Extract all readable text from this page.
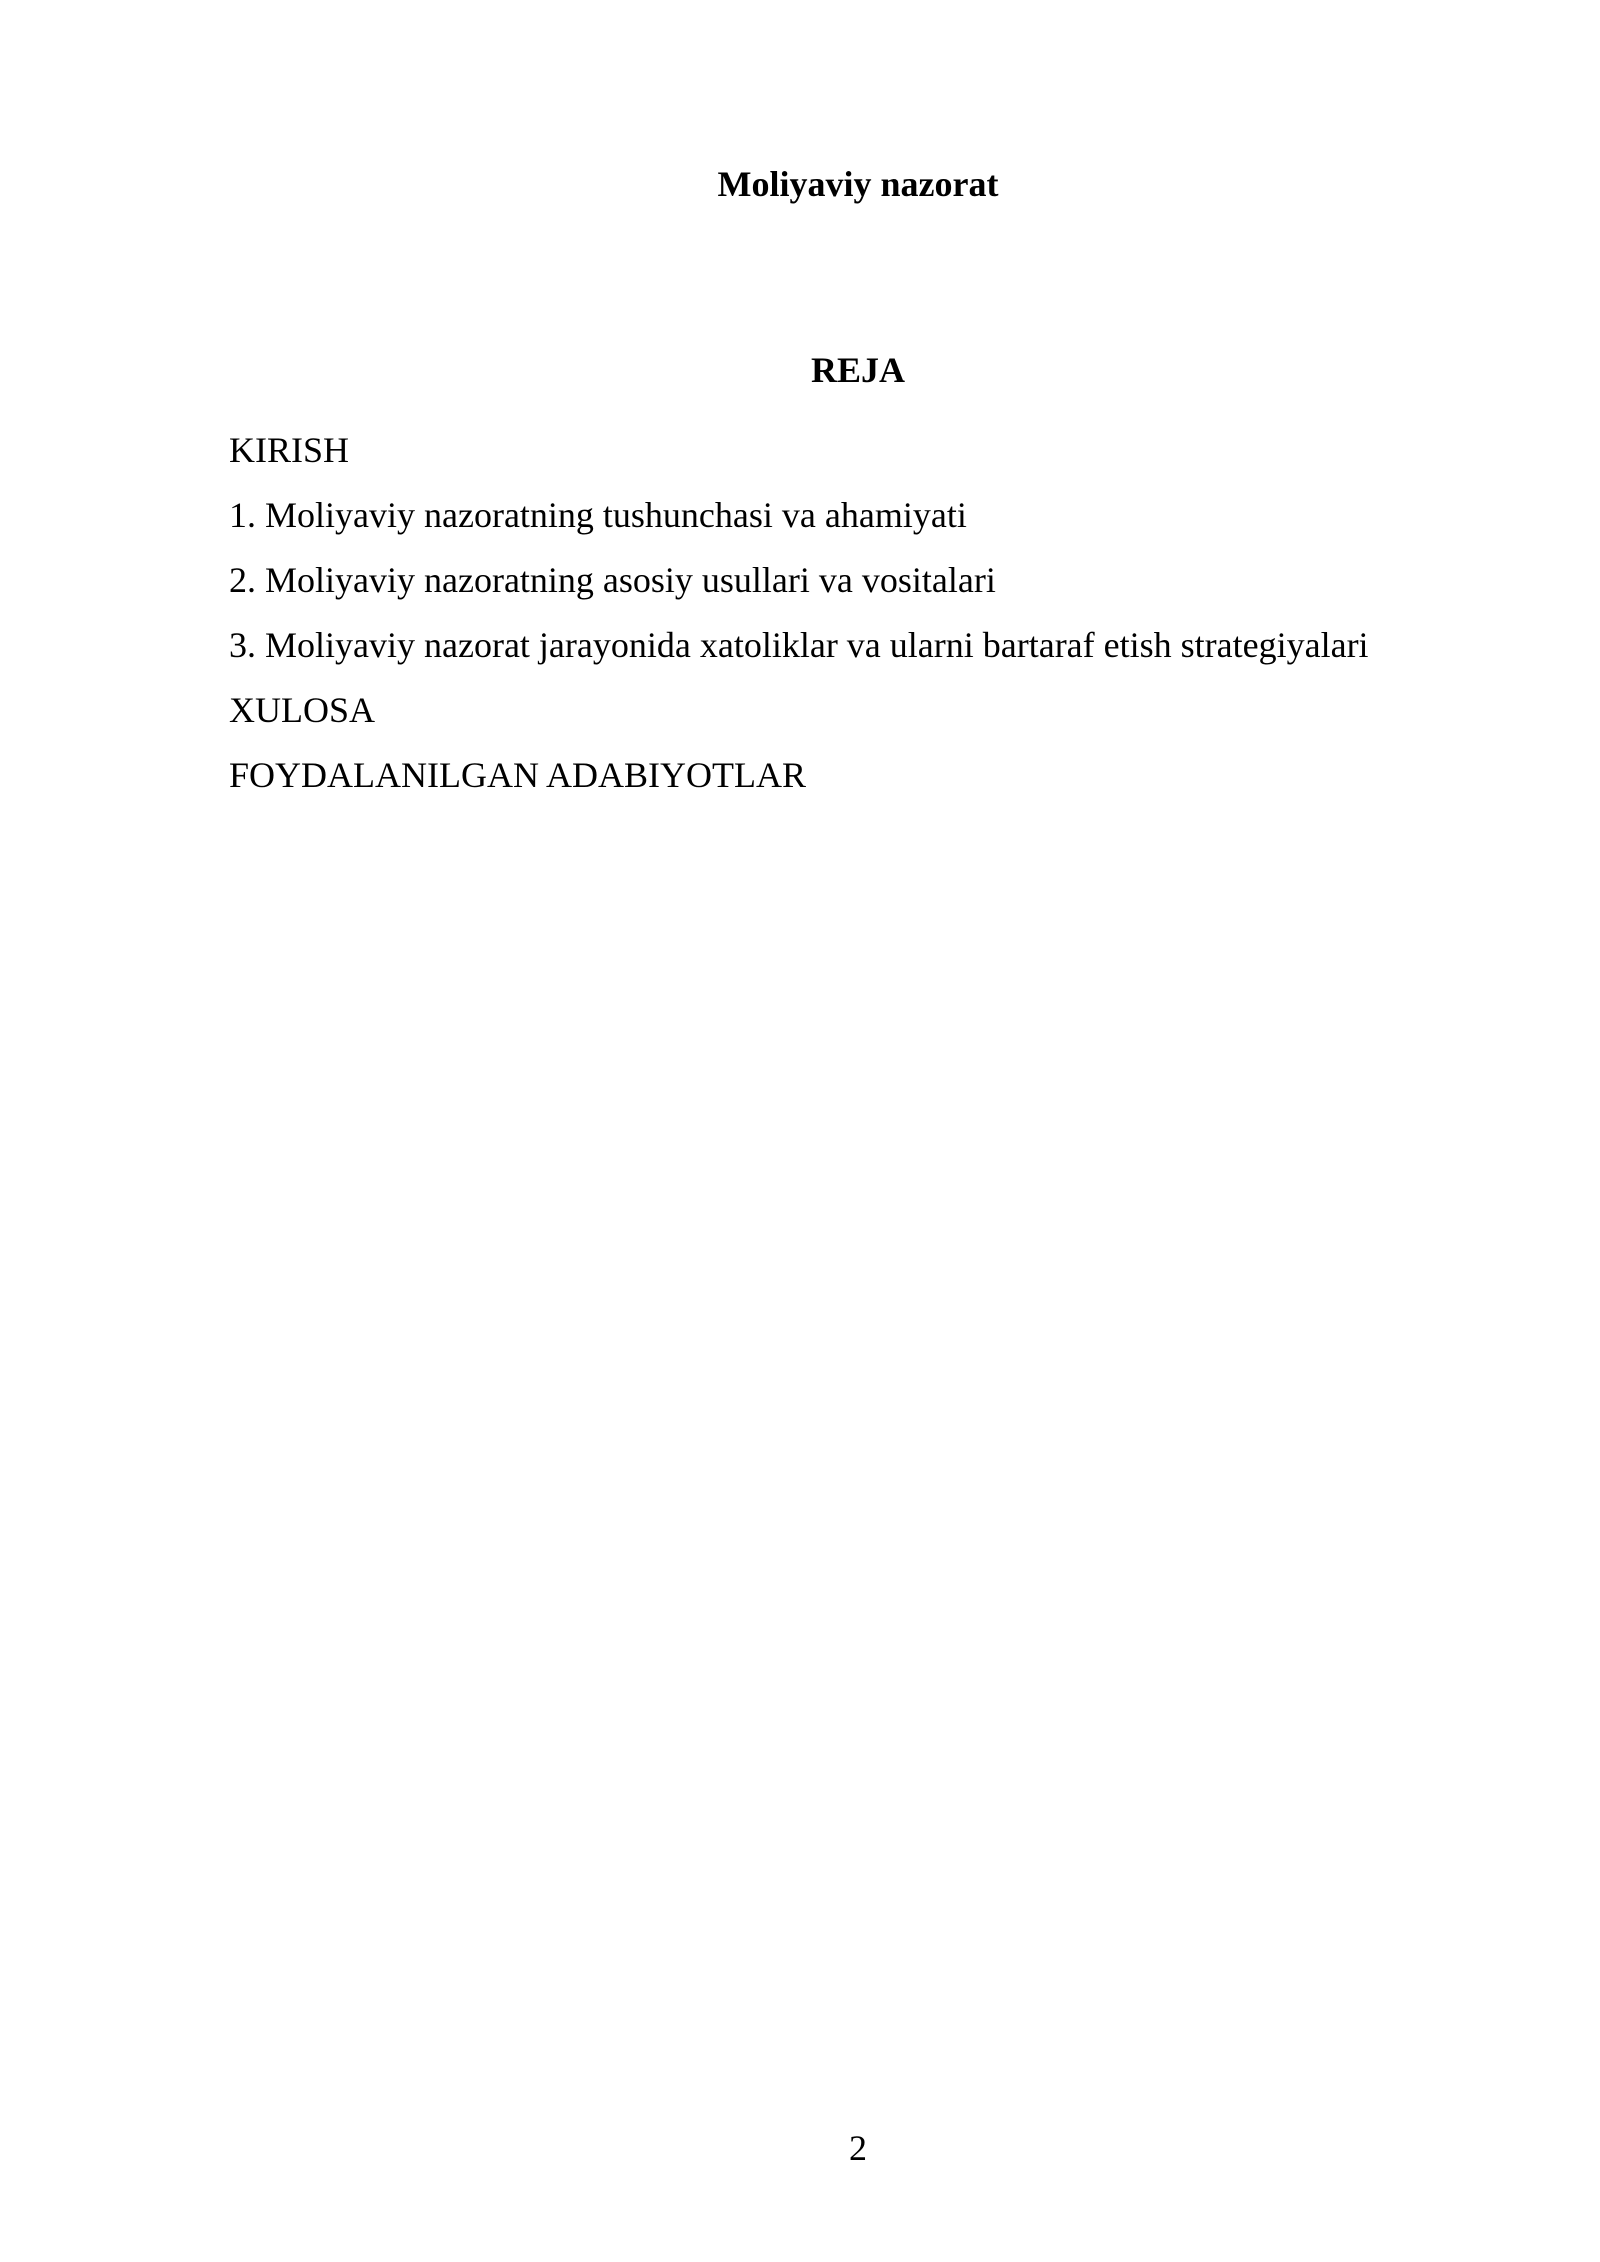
Moliyaviy nazorat
REJA
KIRISH
1. Moliyaviy nazoratning tushunchasi va ahamiyati
2. Moliyaviy nazoratning asosiy usullari va vositalari
3. Moliyaviy nazorat jarayonida xatoliklar va ularni bartaraf etish strategiyalari
XULOSA
FOYDALANILGAN ADABIYOTLAR
2
